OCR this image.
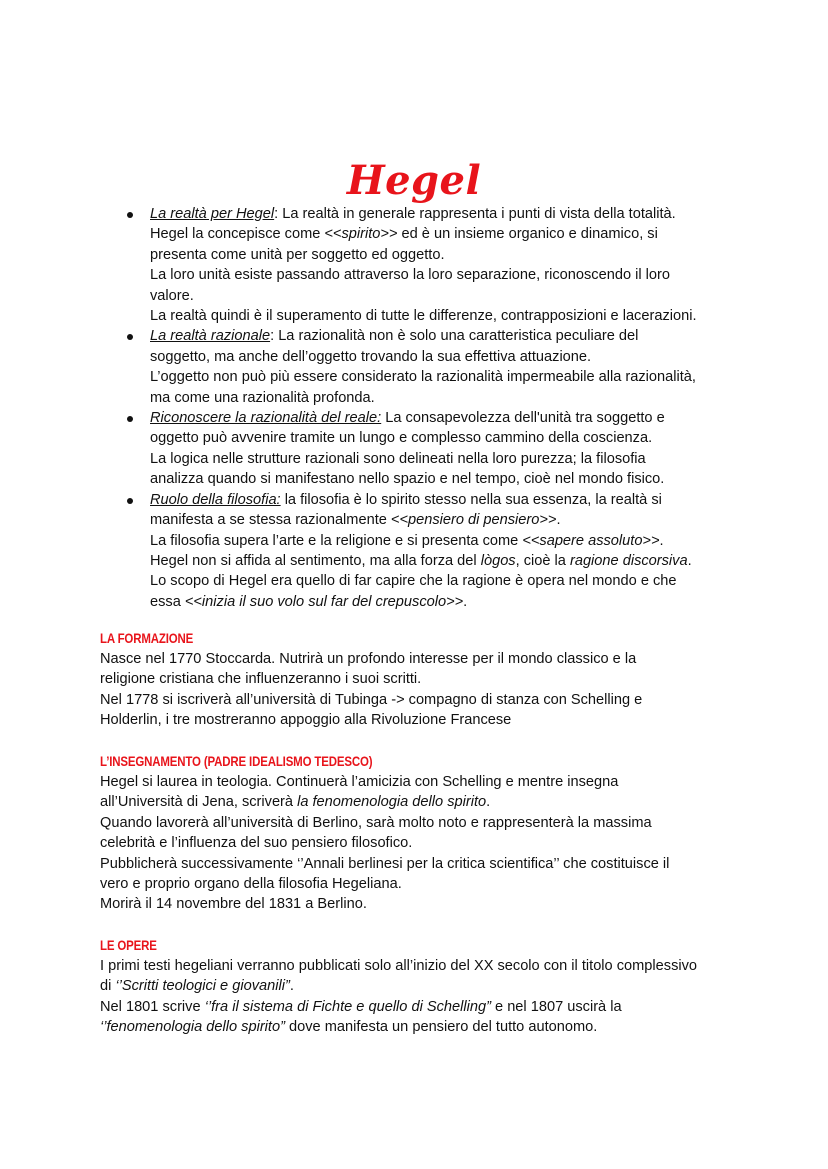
Hegel
La realtà per Hegel: La realtà in generale rappresenta i punti di vista della totalità.
Hegel la concepisce come <<spirito>> ed è un insieme organico e dinamico, si
presenta come unità per soggetto ed oggetto.
La loro unità esiste passando attraverso la loro separazione, riconoscendo il loro
valore.
La realtà quindi è il superamento di tutte le differenze, contrapposizioni e lacerazioni.
La realtà razionale: La razionalità non è solo una caratteristica peculiare del
soggetto, ma anche dell’oggetto trovando la sua effettiva attuazione.
L’oggetto non può più essere considerato la razionalità impermeabile alla razionalità,
ma come una razionalità profonda.
Riconoscere la razionalità del reale: La consapevolezza dell'unità tra soggetto e
oggetto può avvenire tramite un lungo e complesso cammino della coscienza.
La logica nelle strutture razionali sono delineati nella loro purezza; la filosofia
analizza quando si manifestano nello spazio e nel tempo, cioè nel mondo fisico.
Ruolo della filosofia: la filosofia è lo spirito stesso nella sua essenza, la realtà si
manifesta a se stessa razionalmente <<pensiero di pensiero>>.
La filosofia supera l’arte e la religione e si presenta come <<sapere assoluto>>.
Hegel non si affida al sentimento, ma alla forza del lògos, cioè la ragione discorsiva.
Lo scopo di Hegel era quello di far capire che la ragione è opera nel mondo e che
essa <<inizia il suo volo sul far del crepuscolo>>.
LA FORMAZIONE
Nasce nel 1770 Stoccarda. Nutrirà un profondo interesse per il mondo classico e la
religione cristiana che influenzeranno i suoi scritti.
Nel 1778 si iscriverà all’università di Tubinga -> compagno di stanza con Schelling e
Holderlin, i tre mostreranno appoggio alla Rivoluzione Francese
L’INSEGNAMENTO (PADRE IDEALISMO TEDESCO)
Hegel si laurea in teologia. Continuerà l’amicizia con Schelling e mentre insegna
all’Università di Jena, scriverà la fenomenologia dello spirito.
Quando lavorerà all’università di Berlino, sarà molto noto e rappresenterà la massima
celebrità e l’influenza del suo pensiero filosofico.
Pubblicherà successivamente ‘’Annali berlinesi per la critica scientifica’’ che costituisce il
vero e proprio organo della filosofia Hegeliana.
Morirà il 14 novembre del 1831 a Berlino.
LE OPERE
I primi testi hegeliani verranno pubblicati solo all’inizio del XX secolo con il titolo complessivo
di ‘’Scritti teologici e giovanili”.
Nel 1801 scrive ‘’fra il sistema di Fichte e quello di Schelling” e nel 1807 uscirà la
‘’fenomenologia dello spirito” dove manifesta un pensiero del tutto autonomo.
